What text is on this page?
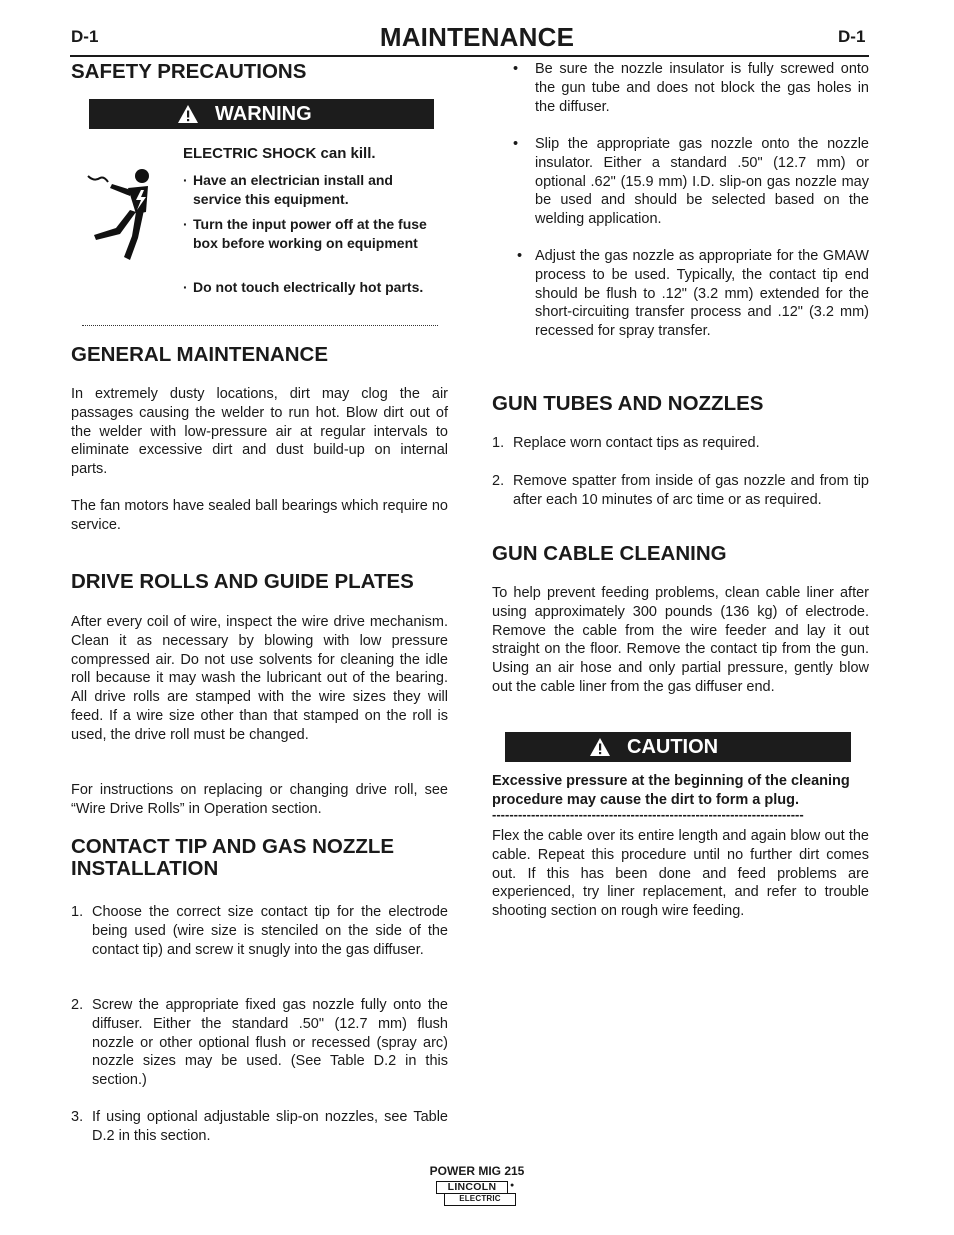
D-1	MAINTENANCE	D-1
SAFETY PRECAUTIONS
WARNING
ELECTRIC SHOCK can kill.
· Have an electrician install and service this equipment.
· Turn the input power off at the fuse box before working on equipment
· Do not touch electrically hot parts.
GENERAL MAINTENANCE

In extremely dusty locations, dirt may clog the air passages causing the welder to run hot. Blow dirt out of the welder with low-pressure air at regular intervals to eliminate excessive dirt and dust build-up on internal parts.

The fan motors have sealed ball bearings which require no service.

DRIVE ROLLS AND GUIDE PLATES

After every coil of wire, inspect the wire drive mechanism. Clean it as necessary by blowing with low pressure compressed air. Do not use solvents for cleaning the idle roll because it may wash the lubricant out of the bearing. All drive rolls are stamped with the wire sizes they will feed. If a wire size other than that stamped on the roll is used, the drive roll must be changed.

For instructions on replacing or changing drive roll, see “Wire Drive Rolls” in Operation section.

CONTACT TIP AND GAS NOZZLE
INSTALLATION
1. Choose the correct size contact tip for the electrode being used (wire size is stenciled on the side of the contact tip) and screw it snugly into the gas diffuser.
2. Screw the appropriate fixed gas nozzle fully onto the diffuser. Either the standard .50" (12.7 mm) flush nozzle or other optional flush or recessed (spray arc) nozzle sizes may be used. (See Table D.2 in this section.)
3. If using optional adjustable slip-on nozzles, see Table D.2 in this section.
•	Be sure the nozzle insulator is fully screwed onto the gun tube and does not block the gas holes in the diffuser.
•	Slip the appropriate gas nozzle onto the nozzle insulator. Either a standard .50" (12.7 mm) or optional .62" (15.9 mm) I.D. slip-on gas nozzle may be used and should be selected based on the welding application.
• Adjust the gas nozzle as appropriate for the GMAW process to be used. Typically, the contact tip end should be flush to .12" (3.2 mm) extended for the short-circuiting transfer process and .12" (3.2 mm) recessed for spray transfer.
GUN TUBES AND NOZZLES
1. Replace worn contact tips as required.
2. Remove spatter from inside of gas nozzle and from tip after each 10 minutes of arc time or as required.
GUN CABLE CLEANING

To help prevent feeding problems, clean cable liner after using approximately 300 pounds (136 kg) of electrode. Remove the cable from the wire feeder and lay it out straight on the floor. Remove the contact tip from the gun. Using an air hose and only partial pressure, gently blow out the cable liner from the gas diffuser end.

CAUTION

Excessive pressure at the beginning of the cleaning procedure may cause the dirt to form a plug.

------------------------------------------------------------------------

Flex the cable over its entire length and again blow out the cable. Repeat this procedure until no further dirt comes out. If this has been done and feed problems are experienced, try liner replacement, and refer to trouble shooting section on rough wire feeding.

POWER MIG 215
LINCOLN	●
ELECTRIC
